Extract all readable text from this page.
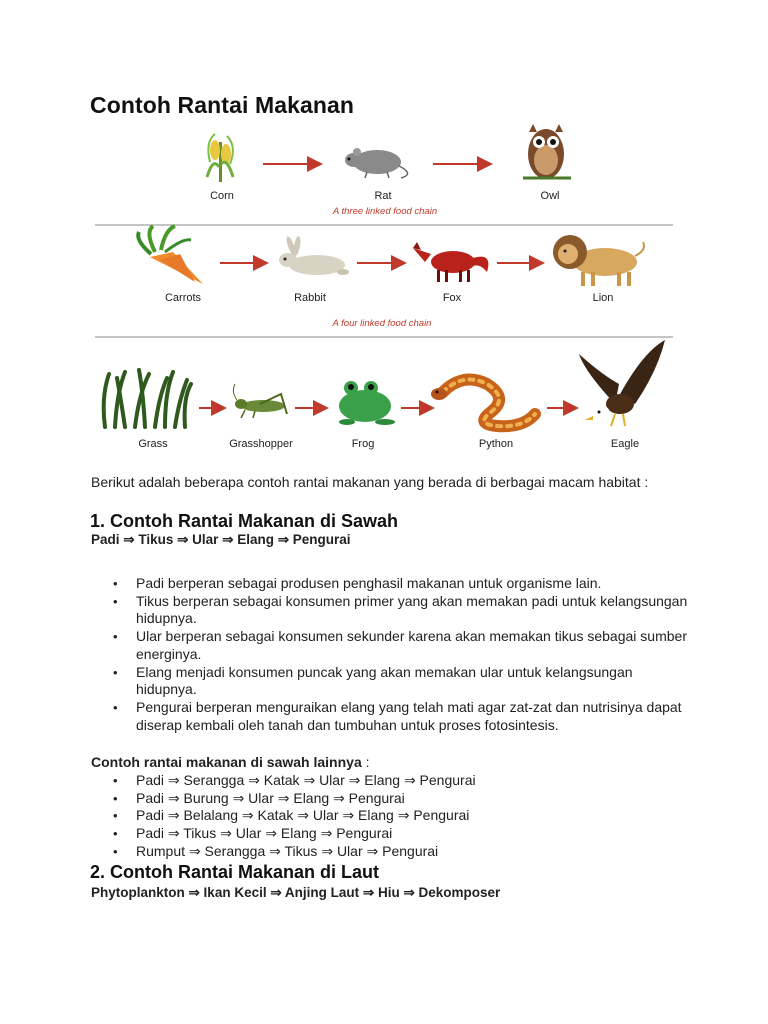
Contoh Rantai Makanan
Corn	Rat	Owl
A three linked food chain
Carrots	Rabbit	Fox	Lion
A four linked food chain
Grass	Grasshopper	Frog	Python	Eagle

Berikut adalah beberapa contoh rantai makanan yang berada di berbagai macam habitat :

1. Contoh Rantai Makanan di Sawah

Padi ⇒ Tikus ⇒ Ular ⇒ Elang ⇒ Pengurai

• Padi berperan sebagai produsen penghasil makanan untuk organisme lain.
• Tikus berperan sebagai konsumen primer yang akan memakan padi untuk kelangsungan hidupnya.
• Ular berperan sebagai konsumen sekunder karena akan memakan tikus sebagai sumber energinya.
• Elang menjadi konsumen puncak yang akan memakan ular untuk kelangsungan hidupnya.
• Pengurai berperan menguraikan elang yang telah mati agar zat-zat dan nutrisinya dapat diserap kembali oleh tanah dan tumbuhan untuk proses fotosintesis.

Contoh rantai makanan di sawah lainnya :

• Padi ⇒ Serangga ⇒ Katak ⇒ Ular ⇒ Elang ⇒ Pengurai
• Padi ⇒ Burung ⇒ Ular ⇒ Elang ⇒ Pengurai
• Padi ⇒ Belalang ⇒ Katak ⇒ Ular ⇒ Elang ⇒ Pengurai
• Padi ⇒ Tikus ⇒ Ular ⇒ Elang ⇒ Pengurai
• Rumput ⇒ Serangga ⇒ Tikus ⇒ Ular ⇒ Pengurai
2. Contoh Rantai Makanan di Laut

Phytoplankton ⇒ Ikan Kecil ⇒ Anjing Laut ⇒ Hiu ⇒ Dekomposer
